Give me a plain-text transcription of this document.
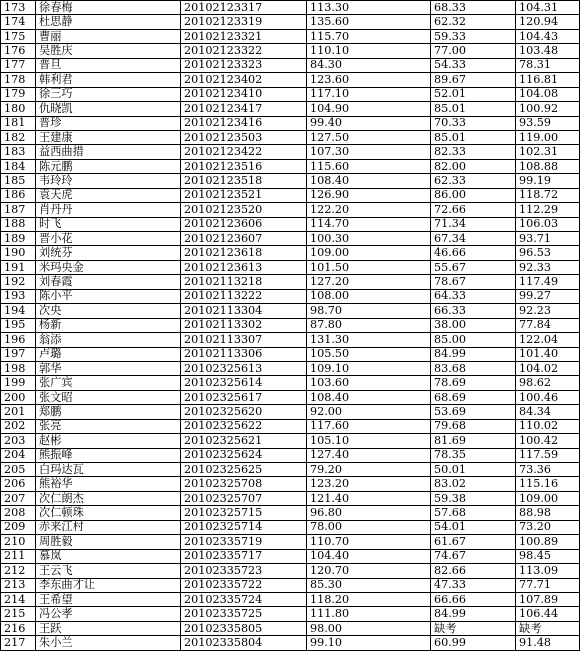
173	徐春梅	20102123317	113.30	68.33	104.31
174	杜思静	20102123319	135.60	62.32	120.94
175	曹丽	20102123321	115.70	59.33	104.43
176	吴胜庆	20102123322	110.10	77.00	103.48
177	普旦	20102123323	84.30	54.33	78.31
178	韩利君	20102123402	123.60	89.67	116.81
179	徐三巧	20102123410	117.10	52.01	104.08
180	仇晓凯	20102123417	104.90	85.01	100.92
181	普珍	20102123416	99.40	70.33	93.59
182	王建康	20102123503	127.50	85.01	119.00
183	益西曲措	20102123422	107.30	82.33	102.31
184	陈元鹏	20102123516	115.60	82.00	108.88
185	韦玲玲	20102123518	108.40	62.33	99.19
186	袁天虎	20102123521	126.90	86.00	118.72
187	肖丹丹	20102123520	122.20	72.66	112.29
188	时飞	20102123606	114.70	71.34	106.03
189	晋小花	20102123607	100.30	67.34	93.71
190	刘统芬	20102123618	109.00	46.66	96.53
191	米玛央金	20102123613	101.50	55.67	92.33
192	刘春霞	20102113218	127.20	78.67	117.49
193	陈小平	20102113222	108.00	64.33	99.27
194	次央	20102113304	98.70	66.33	92.23
195	杨新	20102113302	87.80	38.00	77.84
196	翁添	20102113307	131.30	85.00	122.04
197	卢璐	20102113306	105.50	84.99	101.40
198	郭华	20102325613	109.10	83.68	104.02
199	张广宾	20102325614	103.60	78.69	98.62
200	张文昭	20102325617	108.40	68.69	100.46
201	郑鹏	20102325620	92.00	53.69	84.34
202	张亮	20102325622	117.60	79.68	110.02
203	赵彬	20102325621	105.10	81.69	100.42
204	熊振峰	20102325624	127.40	78.35	117.59
205	白玛达瓦	20102325625	79.20	50.01	73.36
206	熊裕华	20102325708	123.20	83.02	115.16
207	次仁朗杰	20102325707	121.40	59.38	109.00
208	次仁顿珠	20102325715	96.80	57.68	88.98
209	赤来江村	20102325714	78.00	54.01	73.20
210	周胜毅	20102335719	110.70	61.67	100.89
211	慕岚	20102335717	104.40	74.67	98.45
212	王云飞	20102335723	120.70	82.66	113.09
213	李东曲才让	20102335722	85.30	47.33	77.71
214	王希望	20102335724	118.20	66.66	107.89
215	冯公孝	20102335725	111.80	84.99	106.44
216	王跃	20102335805	98.00	缺考	缺考
217	朱小兰	20102335804	99.10	60.99	91.48
